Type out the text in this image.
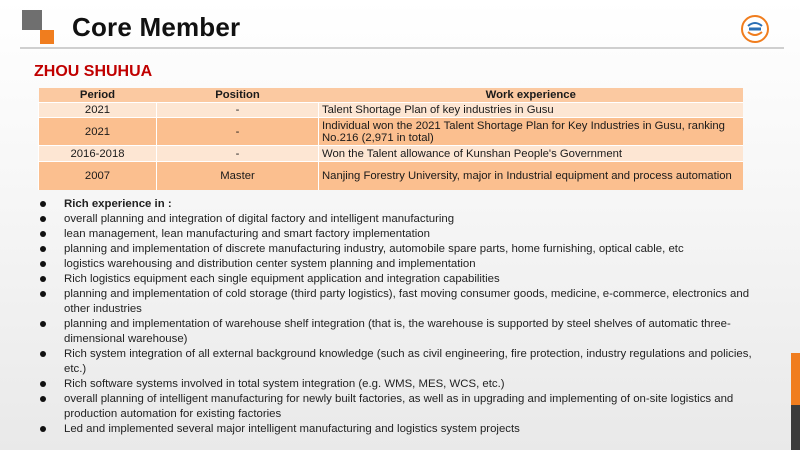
Core Member
ZHOU SHUHUA
Period	Position	Work experience
2021	-	Talent Shortage Plan of key industries in Gusu
2021	-	Individual won the 2021 Talent Shortage Plan for Key Industries in Gusu, ranking No.216 (2,971 in total)
2016-2018	-	Won the Talent allowance of Kunshan People's Government
2007	Master	Nanjing Forestry University, major in Industrial equipment and process automation
Rich experience in :
overall planning and integration of digital factory and intelligent manufacturing
lean management, lean manufacturing and smart factory implementation
planning and implementation of discrete manufacturing industry, automobile spare parts, home furnishing, optical cable, etc
logistics warehousing and distribution center system planning and implementation
Rich logistics equipment each single equipment application and integration capabilities
planning and implementation of cold storage (third party logistics), fast moving consumer goods, medicine, e-commerce, electronics and other industries
planning and implementation of warehouse shelf integration (that is, the warehouse is supported by steel shelves of automatic three-dimensional warehouse)
Rich system integration of all external background knowledge (such as civil engineering, fire protection, industry regulations and policies, etc.)
Rich software systems involved in total system integration (e.g. WMS, MES, WCS, etc.)
overall planning of intelligent manufacturing for newly built factories, as well as in upgrading and implementing of on-site logistics and production automation for existing factories
Led and implemented several major intelligent manufacturing and logistics system projects
